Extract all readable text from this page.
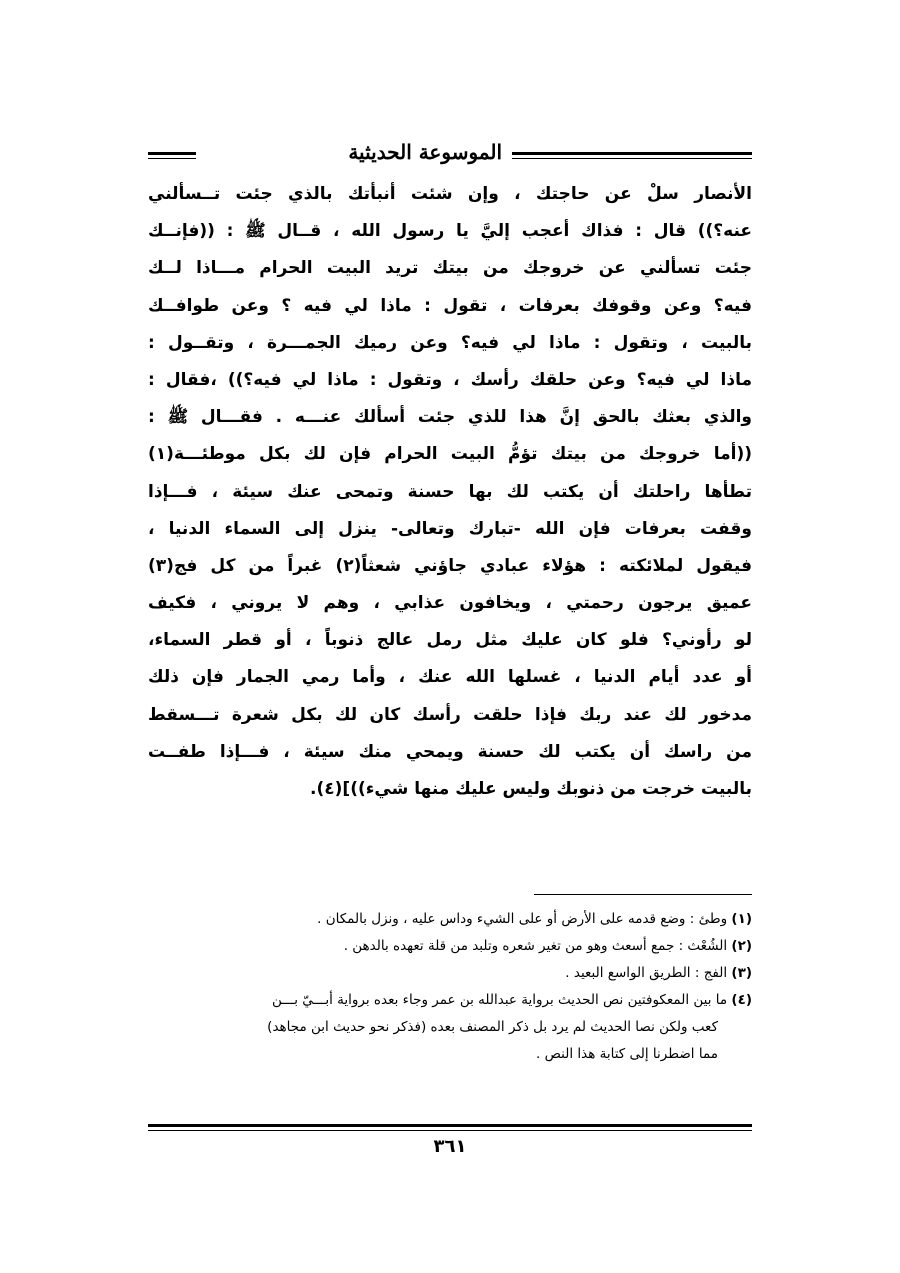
الموسوعة الحديثية
الأنصار سلْ عن حاجتك ، وإن شئت أنبأتك بالذي جئت تــسألني
عنه؟)) قال : فذاك أعجب إليَّ يا رسول الله ، قــال ﷺ : ((فإنــك
جئت تسألني عن خروجك من بيتك تريد البيت الحرام مـــاذا لــك
فيه؟ وعن وقوفك بعرفات ، تقول : ماذا لي فيه ؟ وعن طوافــك
بالبيت ، وتقول : ماذا لي فيه؟ وعن رميك الجمـــرة ، وتقــول :
ماذا لي فيه؟ وعن حلقك رأسك ، وتقول : ماذا لي فيه؟)) ،فقال :
والذي بعثك بالحق إنَّ هذا للذي جئت أسألك عنـــه . فقـــال ﷺ :
((أما خروجك من بيتك تؤمُّ البيت الحرام فإن لك بكل موطئـــة(١)
تطأها راحلتك أن يكتب لك بها حسنة وتمحى عنك سيئة ، فـــإذا
وقفت بعرفات فإن الله -تبارك وتعالى- ينزل إلى السماء الدنيا ،
فيقول لملائكته : هؤلاء عبادي جاؤني شعثاً(٢) غبراً من كل فج(٣)
عميق يرجون رحمتي ، ويخافون عذابي ، وهم لا يروني ، فكيف
لو رأوني؟ فلو كان عليك مثل رمل عالج ذنوباً ، أو قطر السماء،
أو عدد أيام الدنيا ، غسلها الله عنك ، وأما رمي الجمار فإن ذلك
مدخور لك عند ربك فإذا حلقت رأسك كان لك بكل شعرة تـــسقط
من راسك أن يكتب لك حسنة ويمحي منك سيئة ، فـــإذا طفــت
بالبيت خرجت من ذنوبك وليس عليك منها شيء))](٤).
(١) وطئ : وضع قدمه على الأرض أو على الشيء وداس عليه ، ونزل بالمكان .
(٢) الشُعْث : جمع أسعث وهو من تغير شعره وتلبد من قلة تعهده بالدهن .
(٣) الفج : الطريق الواسع البعيد .
(٤) ما بين المعكوفتين نص الحديث برواية عبدالله بن عمر وجاء بعده برواية أبـــيّ بـــن
كعب ولكن نصا الحديث لم يرد بل ذكر المصنف بعده (فذكر نحو حديث ابن مجاهد)
مما اضطرنا إلى كتابة هذا النص .
٣٦١
